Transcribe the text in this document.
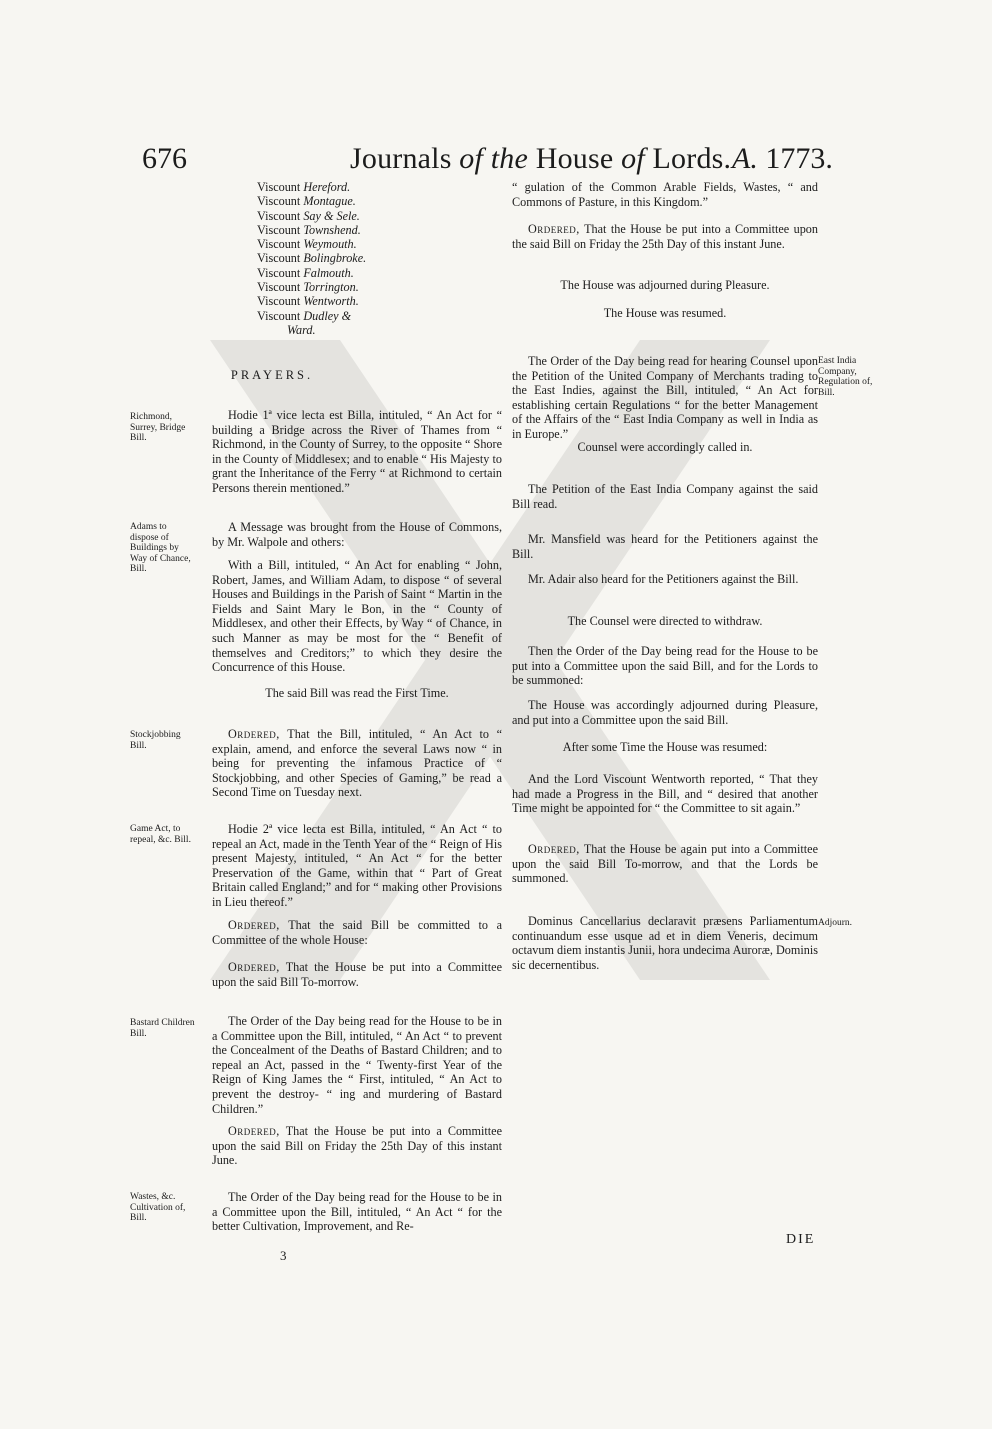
676	Journals of the House of Lords. A. 1773.
Viscount Hereford.
Viscount Montague.
Viscount Say & Sele.
Viscount Townshend.
Viscount Weymouth.
Viscount Bolingbroke.
Viscount Falmouth.
Viscount Torrington.
Viscount Wentworth.
Viscount Dudley &
Ward.
PRAYERS.

Hodie 1ª vice lecta est Billa, intituled, “ An Act for “ building a Bridge across the River of Thames from “ Richmond, in the County of Surrey, to the opposite “ Shore in the County of Middlesex; and to enable “ His Majesty to grant the Inheritance of the Ferry “ at Richmond to certain Persons therein mentioned.”

Richmond, Surrey, Bridge Bill.

A Message was brought from the House of Commons, by Mr. Walpole and others:

Adams to dispose of Buildings by Way of Chance, Bill.	With a Bill, intituled, “ An Act for enabling “ John, Robert, James, and William Adam, to dispose “ of several Houses and Buildings in the Parish of Saint “ Martin in the Fields and Saint Mary le Bon, in the “ County of Middlesex, and other their Effects, by Way “ of Chance, in such Manner as may be most for the “ Benefit of themselves and Creditors;” to which they desire the Concurrence of this House.

The said Bill was read the First Time.

Ordered, That the Bill, intituled, “ An Act to “ explain, amend, and enforce the several Laws now “ in being for preventing the infamous Practice of “ Stockjobbing, and other Species of Gaming,” be read a Second Time on Tuesday next.

Stockjobbing Bill.

Hodie 2ª vice lecta est Billa, intituled, “ An Act “ to repeal an Act, made in the Tenth Year of the “ Reign of His present Majesty, intituled, “ An Act “ for the better Preservation of the Game, within that “ Part of Great Britain called England;” and for “ making other Provisions in Lieu thereof.”

Game Act, to repeal, &c. Bill.

Ordered, That the said Bill be committed to a Committee of the whole House:

Ordered, That the House be put into a Committee upon the said Bill To-morrow.

The Order of the Day being read for the House to be in a Committee upon the Bill, intituled, “ An Act “ to prevent the Concealment of the Deaths of Bastard Children; and to repeal an Act, passed in the “ Twenty-first Year of the Reign of King James the “ First, intituled, “ An Act to prevent the destroy- “ ing and murdering of Bastard Children.”

Bastard Children Bill.

Ordered, That the House be put into a Committee upon the said Bill on Friday the 25th Day of this instant June.

The Order of the Day being read for the House to be in a Committee upon the Bill, intituled, “ An Act “ for the better Cultivation, Improvement, and Re-

Wastes, &c. Cultivation of, Bill.
3

“ gulation of the Common Arable Fields, Wastes, “ and Commons of Pasture, in this Kingdom.”

Ordered, That the House be put into a Committee upon the said Bill on Friday the 25th Day of this instant June.

The House was adjourned during Pleasure.

The House was resumed.

The Order of the Day being read for hearing Counsel upon the Petition of the United Company of Merchants trading to the East Indies, against the Bill, intituled, “ An Act for establishing certain Regulations “ for the better Management of the Affairs of the “ East India Company as well in India as in Europe.”

East India Company, Regulation of, Bill.

Counsel were accordingly called in.

The Petition of the East India Company against the said Bill read.

Mr. Mansfield was heard for the Petitioners against the Bill.

Mr. Adair also heard for the Petitioners against the Bill.

The Counsel were directed to withdraw.

Then the Order of the Day being read for the House to be put into a Committee upon the said Bill, and for the Lords to be summoned:

The House was accordingly adjourned during Pleasure, and put into a Committee upon the said Bill.

After some Time the House was resumed:

And the Lord Viscount Wentworth reported, “ That they had made a Progress in the Bill, and “ desired that another Time might be appointed for “ the Committee to sit again.”

Ordered, That the House be again put into a Committee upon the said Bill To-morrow, and that the Lords be summoned.

Dominus Cancellarius declaravit præsens Parliamentum continuandum esse usque ad et in diem Veneris, decimum octavum diem instantis Junii, hora undecima Auroræ, Dominis sic decernentibus.

Adjourn.
DIE
